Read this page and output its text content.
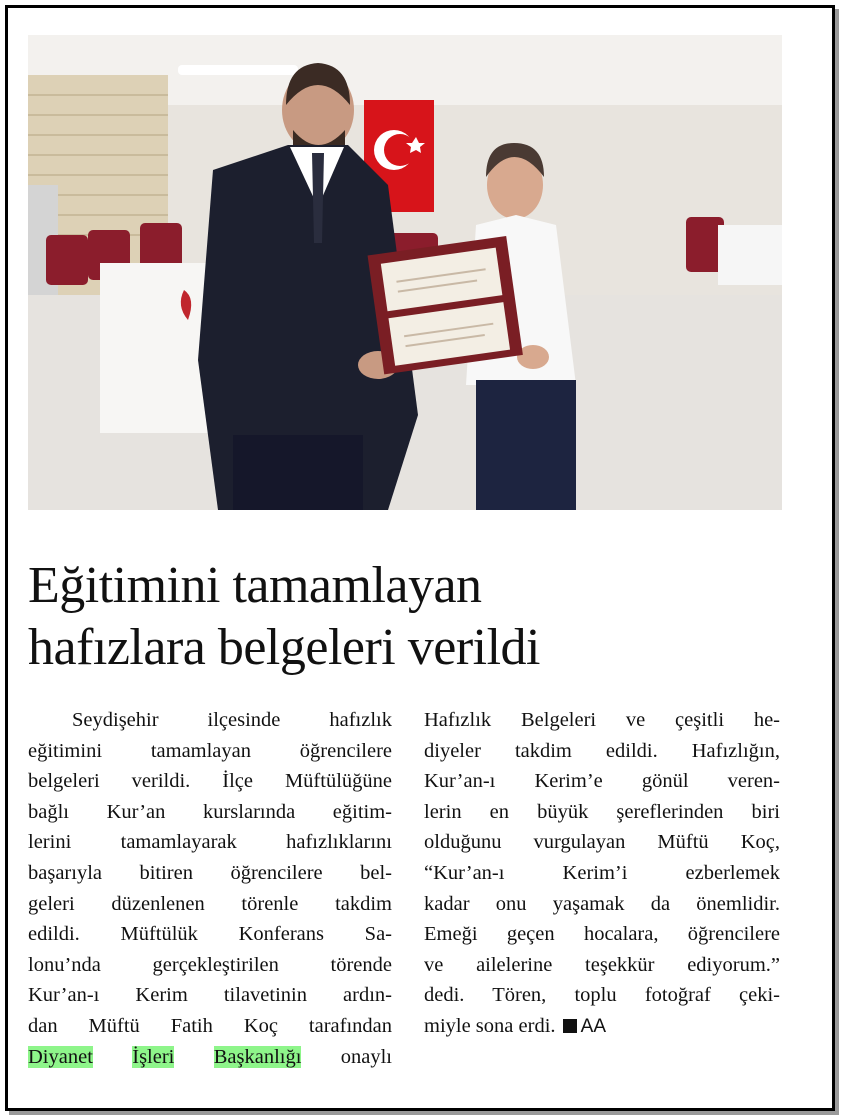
Eğitimini tamamlayan
hafızlara belgeleri verildi
Seydişehir ilçesinde hafızlık
eğitimini tamamlayan öğrencilere
belgeleri verildi. İlçe Müftülüğüne
bağlı Kur’an kurslarında eğitim-
lerini tamamlayarak hafızlıklarını
başarıyla bitiren öğrencilere bel-
geleri düzenlenen törenle takdim
edildi. Müftülük Konferans Sa-
lonu’nda gerçekleştirilen törende
Kur’an-ı Kerim tilavetinin ardın-
dan Müftü Fatih Koç tarafından
Diyanet İşleri Başkanlığı onaylı
Hafızlık Belgeleri ve çeşitli he-
diyeler takdim edildi. Hafızlığın,
Kur’an-ı Kerim’e gönül veren-
lerin en büyük şereflerinden biri
olduğunu vurgulayan Müftü Koç,
“Kur’an-ı Kerim’i ezberlemek
kadar onu yaşamak da önemlidir.
Emeği geçen hocalara, öğrencilere
ve ailelerine teşekkür ediyorum.”
dedi. Tören, toplu fotoğraf çeki-
miyle sona erdi. AA
